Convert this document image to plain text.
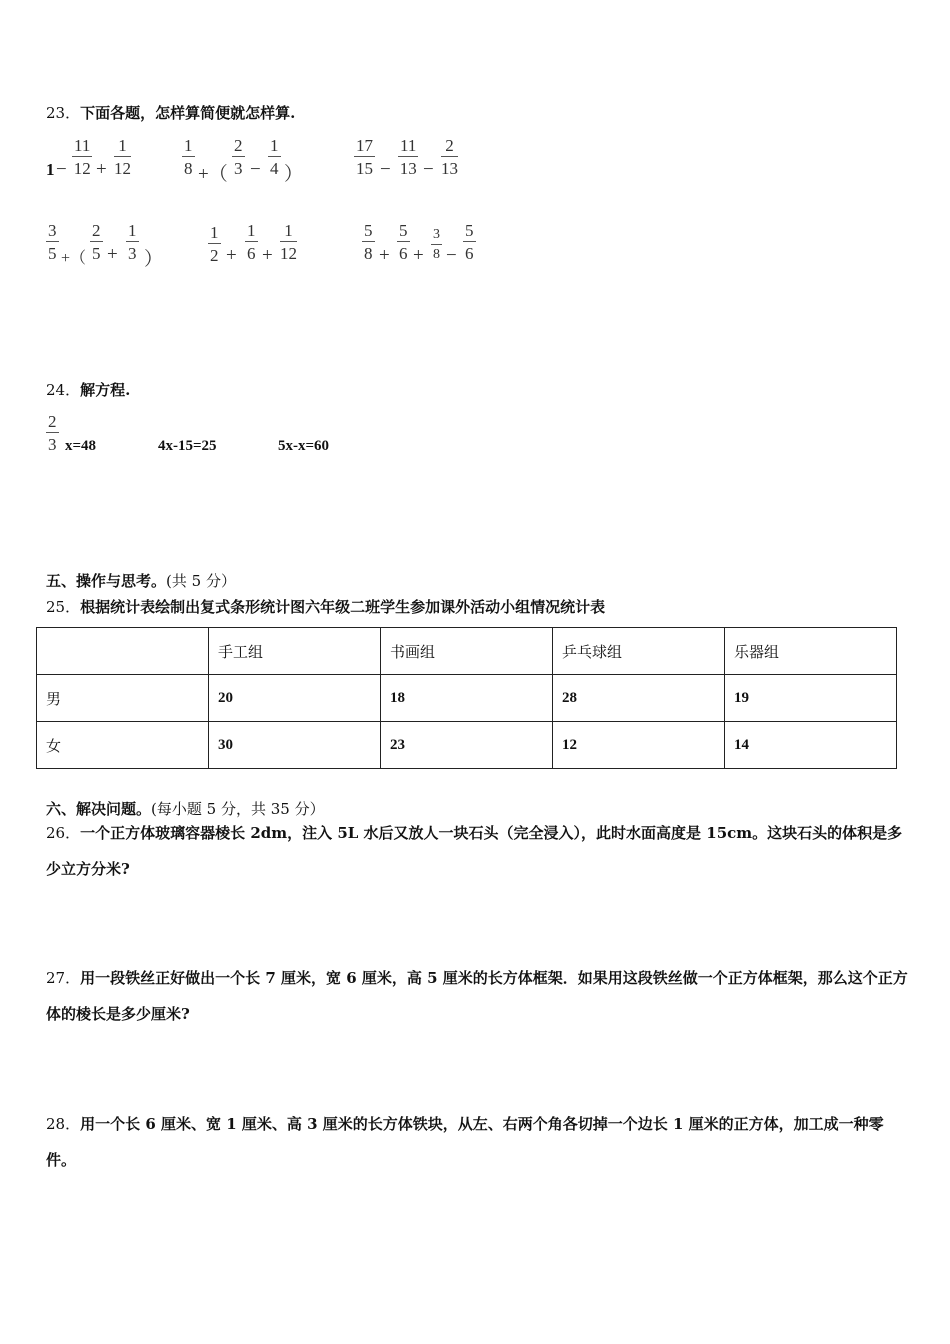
23．下面各题，怎样算简便就怎样算.
$1 - \frac{11}{12} + \frac{1}{12}$	$\frac{1}{8}$ +（ $\frac{2}{3} - \frac{1}{4}$ ）	$\frac{17}{15} - \frac{11}{13} - \frac{2}{13}$
$\frac{3}{5}$ +（ $\frac{2}{5} + \frac{1}{3}$ ）	$\frac{1}{2} + \frac{1}{6} + \frac{1}{12}$	$\frac{5}{8} + \frac{5}{6} + \frac{3}{8} - \frac{5}{6}$
24．解方程.
$\frac{2}{3} x=48$	4x-15=25	5x-x=60
五、操作与思考。(共 5 分）
25．根据统计表绘制出复式条形统计图六年级二班学生参加课外活动小组情况统计表
	手工组	书画组	乒乓球组	乐器组
男	20	18	28	19
女	30	23	12	14
六、解决问题。(每小题 5 分，共 35 分）
26．一个正方体玻璃容器棱长 2dm，注入 5L 水后又放人一块石头（完全浸入），此时水面高度是 15cm。这块石头的体积是多少立方分米?
27．用一段铁丝正好做出一个长 7 厘米，宽 6 厘米，高 5 厘米的长方体框架．如果用这段铁丝做一个正方体框架，那么这个正方体的棱长是多少厘米?
28．用一个长 6 厘米、宽 1 厘米、高 3 厘米的长方体铁块，从左、右两个角各切掉一个边长 1 厘米的正方体，加工成一种零件。
